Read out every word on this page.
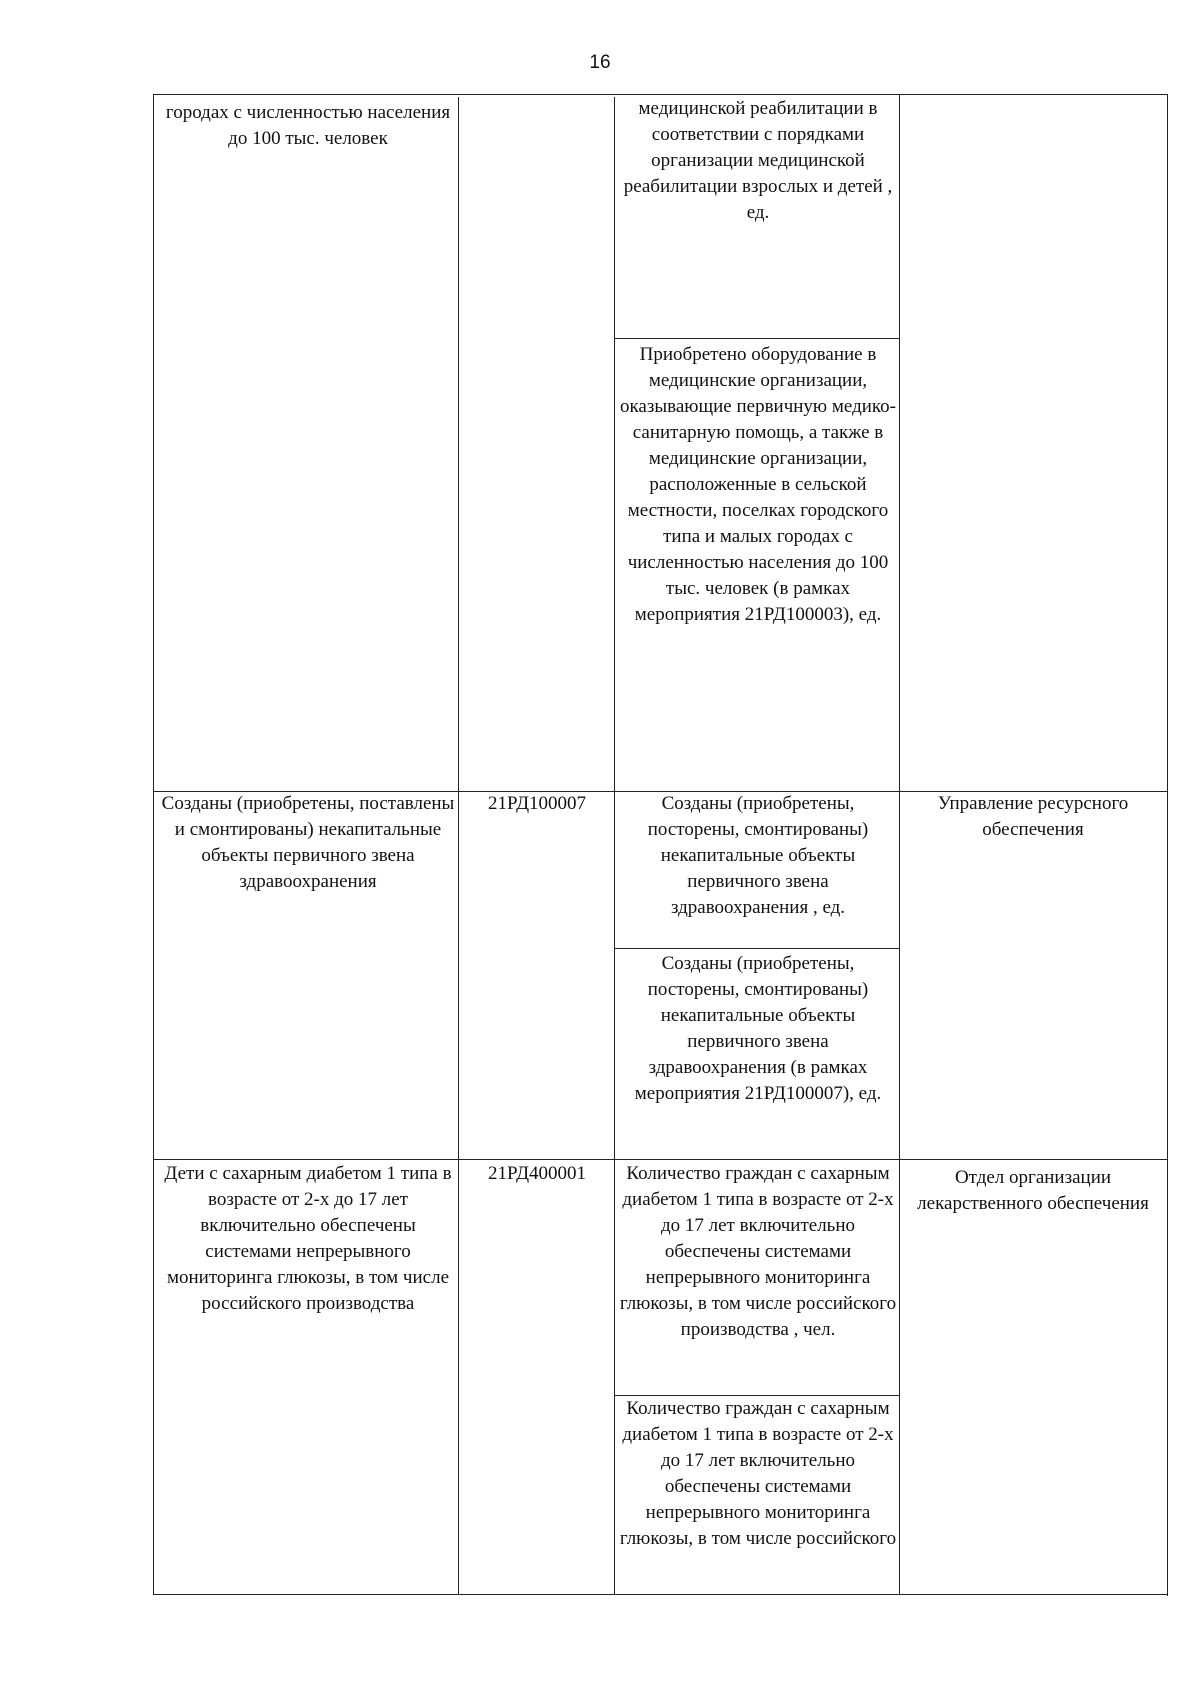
16
городах с численностью населения до 100 тыс. человек
медицинской реабилитации в соответствии с порядками организации медицинской реабилитации взрослых и детей , ед.
Приобретено оборудование в медицинские организации, оказывающие первичную медико-санитарную помощь, а также в медицинские организации, расположенные в сельской местности, поселках городского типа и малых городах с численностью населения до 100 тыс. человек (в рамках мероприятия 21РД100003), ед.
Созданы (приобретены, поставлены и смонтированы) некапитальные объекты первичного звена здравоохранения
21РД100007	Созданы (приобретены, посторены, смонтированы) некапитальные объекты первичного звена здравоохранения , ед.
Созданы (приобретены, посторены, смонтированы) некапитальные объекты первичного звена здравоохранения (в рамках мероприятия 21РД100007), ед.
Управление ресурсного обеспечения
Дети с сахарным диабетом 1 типа в возрасте от 2-х до 17 лет включительно обеспечены системами непрерывного мониторинга глюкозы, в том числе российского производства
21РД400001	Количество граждан с сахарным диабетом 1 типа в возрасте от 2-х до 17 лет включительно обеспечены системами непрерывного мониторинга глюкозы, в том числе российского производства , чел.
Количество граждан с сахарным диабетом 1 типа в возрасте от 2-х до 17 лет включительно обеспечены системами непрерывного мониторинга глюкозы, в том числе российского
Отдел организации лекарственного обеспечения
